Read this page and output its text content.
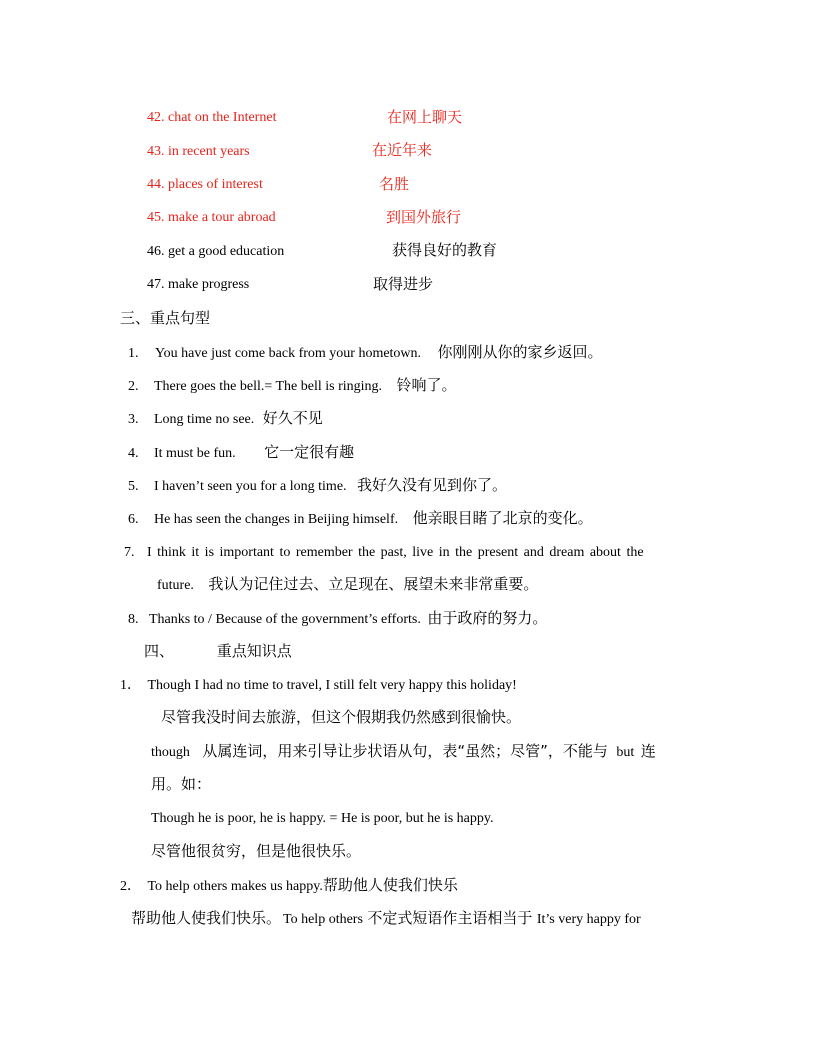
42. chat on the Internet	在网上聊天
43. in recent years	在近年来
44. places of interest	名胜
45. make a tour abroad	到国外旅行
46. get a good education	获得良好的教育
47. make progress	取得进步
三、重点句型
1. You have just come back from your hometown. 你刚刚从你的家乡返回。
2. There goes the bell.= The bell is ringing. 铃响了。
3. Long time no see. 好久不见
4. It must be fun. 它一定很有趣
5. I haven’t seen you for a long time. 我好久没有见到你了。
6. He has seen the changes in Beijing himself. 他亲眼目睹了北京的变化。
7. I think it is important to remember the past, live in the present and dream about the
future. 我认为记住过去、立足现在、展望未来非常重要。
8. Thanks to / Because of the government’s efforts. 由于政府的努力。
四、	重点知识点
1． Though I had no time to travel, I still felt very happy this holiday!
尽管我没时间去旅游，但这个假期我仍然感到很愉快。
though 从属连词，用来引导让步状语从句，表“虽然；尽管”，不能与 but 连
用。如：
Though he is poor, he is happy. = He is poor, but he is happy.
尽管他很贫穷，但是他很快乐。
2． To help others makes us happy.帮助他人使我们快乐
帮助他人使我们快乐。 To help others 不定式短语作主语相当于 It’s very happy for
